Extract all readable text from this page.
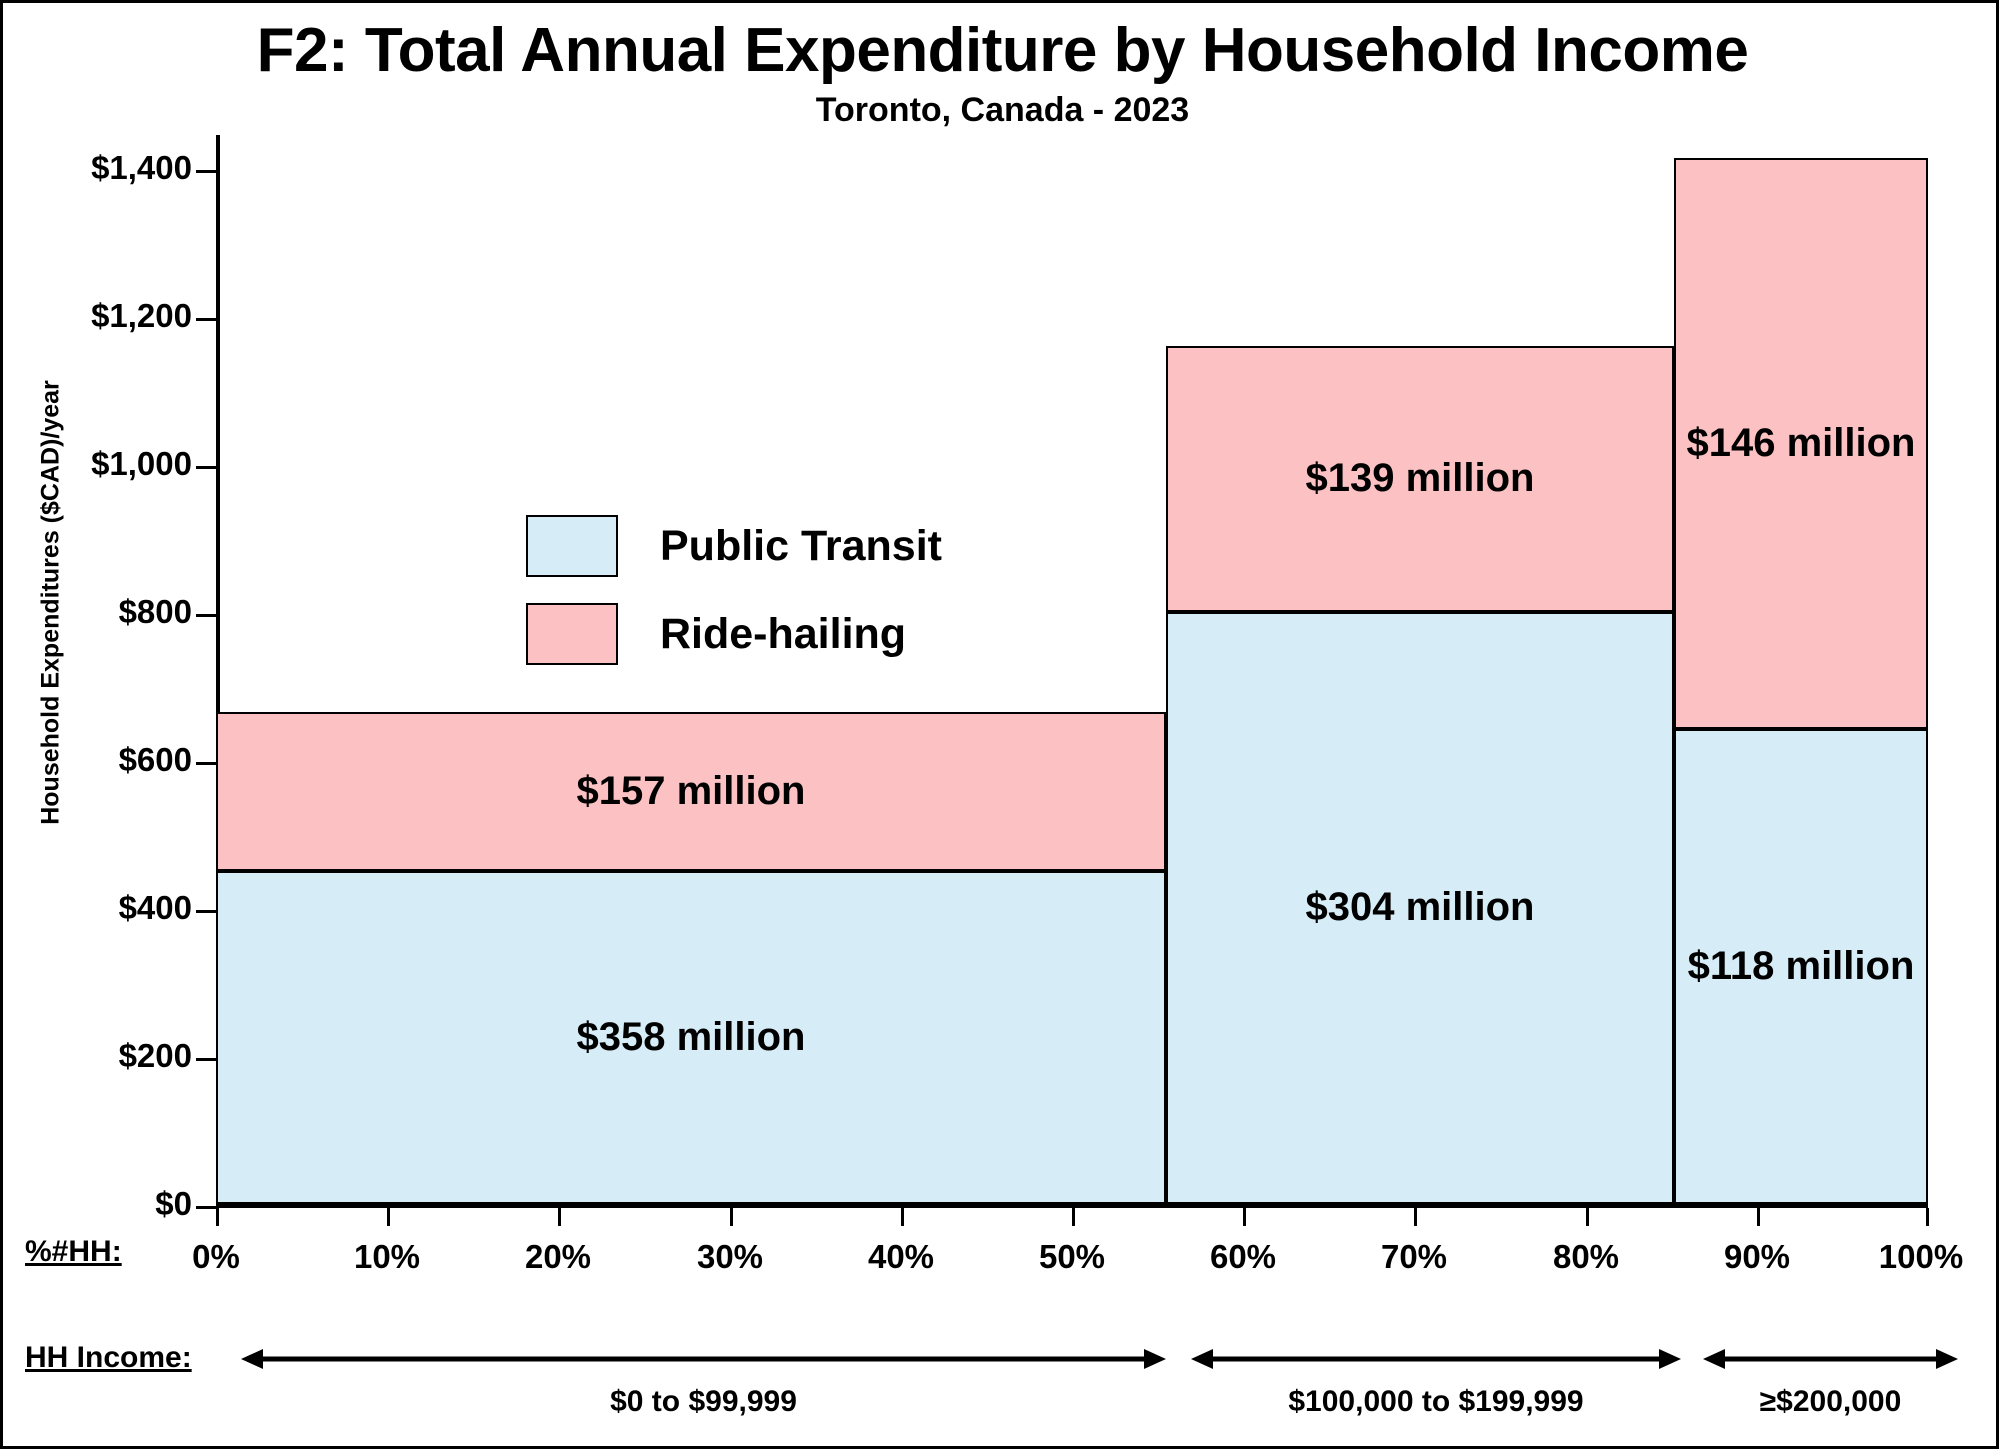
F2: Total Annual Expenditure by Household Income
Toronto, Canada - 2023
Household Expenditures ($CAD)/year
$0
$200
$400
$600
$800
$1,000
$1,200
$1,400
$358 million
$157 million
$304 million
$139 million
$118 million
$146 million
Public Transit
Ride-hailing
0%	10%	20%	30%	40%	50%	60%	70%	80%	90%	100%
%#HH:
HH Income:
$0 to $99,999	$100,000 to $199,999	≥$200,000
